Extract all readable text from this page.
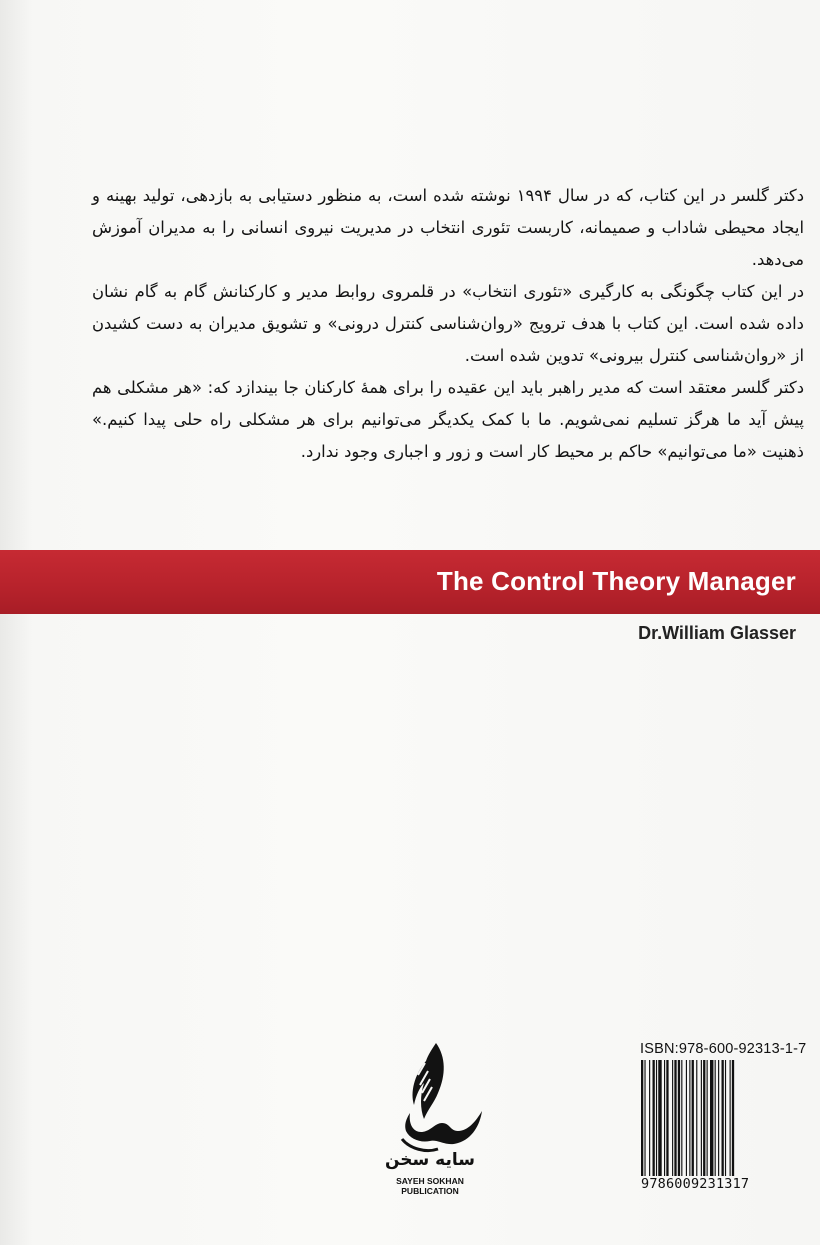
دکتر گلسر در این کتاب، که در سال ۱۹۹۴ نوشته شده است، به منظور دستیابی به بازدهی، تولید بهینه و ایجاد محیطی شاداب و صمیمانه، کاربست تئوری انتخاب در مدیریت نیروی انسانی را به مدیران آموزش می‌دهد.

در این کتاب چگونگی به کارگیری «تئوری انتخاب» در قلمروی روابط مدیر و کارکنانش گام به گام نشان داده شده است. این کتاب با هدف ترویج «روان‌شناسی کنترل درونی» و تشویق مدیران به دست کشیدن از «روان‌شناسی کنترل بیرونی» تدوین شده است.

دکتر گلسر معتقد است که مدیر راهبر باید این عقیده را برای همهٔ کارکنان جا بیندازد که: «هر مشکلی هم پیش آید ما هرگز تسلیم نمی‌شویم. ما با کمک یکدیگر می‌توانیم برای هر مشکلی راه حلی پیدا کنیم.» ذهنیت «ما می‌توانیم» حاکم بر محیط کار است و زور و اجباری وجود ندارد.

The Control Theory Manager
Dr.William Glasser
سایه سخن
SAYEH SOKHAN
PUBLICATION
ISBN:978-600-92313-1-7
9786009231317
